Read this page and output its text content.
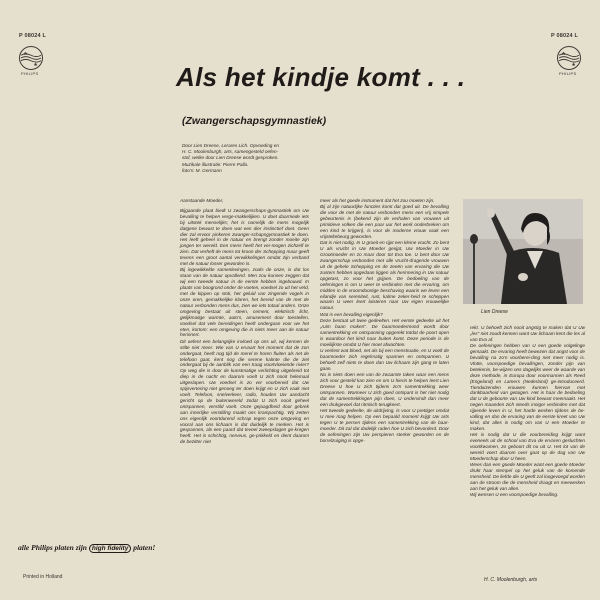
P 08024 L	P 08024 L
PHILIPS	PHILIPS
Als het kindje komt . . .
(Zwangerschapsgymnastiek)
Door Lien Dreese, Lerares Lich. Opvoeding en
H. C. Moolenburgh, arts, samengesteld oefen-
stof, welke door Lien Dreese wordt gesproken.
Muzikale illustratie: Pierre Palla.
foto's: M. Germann

Aanstaande Moeder,

Bijgaande plaat biedt U zwangerschaps-gymnastiek om Uw bevalling te helpen verge-makkelijken. U doet daarmede iets bij uitstek menselijks; het is namelijk de mens mogelijk datgene bewust te doen wat een dier instinctief doet. Geen dier zal ervoor pinkeren zwanger-schapsgymnastiek te doen. Het leeft geheel in de natuur en brengt zonder moeite zijn jongen ter wereld. Een mens heeft het ver-mogen zichzelf te zien. Dat verheft de mens tot kroon der Schepping maar geeft tevens een groot aantal verwikkelingen omdat zijn verband met de natuur losser geworden is.

Bij ingewikkelde samenlevingen, zoals de onze, is dat los staan van de natuur opvallend. Men zou kunnen zeggen dat wij een tweede natuur in de eerste hebben ingebouwd. In plaats van boogrond onder de voeten, voedsel zo uit het veld, met de kippen op stok, het geluid van zingende vogels in onze oren, gemakkelijke klaren, het bereid van de met de natuur verbonden mens dus, zien we iets totaal anders. Onze omgeving bestaat uit steen, cement, elektrisch licht, gelijkmatige warmte, auto's, amusement door toestellen, voedsel dat vele bereidingen heeft ondergaan voor we het eten, kortom: een omgeving die in niets meer aan de natuur herinnert.

Dit oefent een belangrijke invloed op ons uit, wij kennen de stilte niet meer. Wie van U ervaart het moment dat de zon ondergaat, heeft nog tijd de merel te horen fluiten als net de telefoon gaat, kent nog die serene kalmte die de ziel ondergaat bij de aanblik van een traag voortvloeiende rivier? Op weg die is door de kunstmatige verlichting uitgebreid tot diep in de nacht en daarom voelt U zich nooit helemaal uitgeslapen. Uw voedsel is zo ver voorbereid dat Uw spijsvertering niet genoeg ter doen krijgt en U zich vaak niet voelt. Telefoon, snelverkeer, radio, houden Uw aandacht gericht op de buitenwereld zodat U zich nooit geheel ontspannen, verstild voelt. Onze gejaagdheid door gebrek aan innerlijke verstilling maakt ons krampachtig. Wij zetten ons eigenlijk voortdurend schrap tegen onze omgeving en vooral aan ons lichaam is dat duidelijk te merken. Het is gespannen, als een paard dat teveel zweepslagen ge-kregen heeft. Het is schichtig, nerveus, ge-prikkeld en dient daarom de bezitter niet

meer als het goede instrument dat het zou moeten zijn.

Bij al zijn natuurlijke functies komt dat goed uit. De bevalling die voor de met de natuur verbonden mens een vrij simpele gebeurtenis is (bekend zijn de verhalen van vrouwen uit primitieve volken die een paar uur het werk onderbreken om een kind te krijgen), is voor de moderne vrouw vaak een vrijsteltebeurg geworden.

Dat is niet nodig. In U groeit en rijpt een kleine vrucht. Zo bent U als vrucht in Uw Moeder gerijpt, Uw Moeder in Uw Grootmoeder en zo maar door tot Eva toe. U bent door Uw zwangerschap verbonden met alle vrucht-dragende vrouwen uit de gehele Schepping en de zeeën van ervaring die Uw zusters hebben opgedaan liggen als herinnering in Uw natuur opgetast, zo voor het grijpen. De bedoeling van de oefeningen is om U weer te verbinden met die ervaring, om midden in de vroomdoortige beschaving waarin we leven een eilandje van sereniteit, rust, kalme zeker-heid te scheppen waarin U weer leert luisteren naar Uw eigen vrouwelijke natuur.

Wat is een bevalling eigenlijk?

Deze bestaat uit twee gedeelten. Het eerste gedeelte uit het „ruim baan maken". De baarmoedermond wordt door samentrekking en ontspanning opgerekt totdat de poort open is waardoor het kind naar buiten komt. Deze periode is de moeilijkste omdat U hier moet afwachten.

U verliest wat bloed, net als bij een menstruatie, en U voelt de baarmoeder zich regelmatig spannen en ontspannen. U behoeft zelf niets te doen dan Uw lichaam zijn gang te laten gaan.

Nu is niets doen een van de zwaarste taken waar een mens zich voor gesteld kan zien en om U hierin te helpen leert Lien Dreese U hoe U zich tijdens zo'n samentrekking weer ontspannen. Wanneer U zich goed ontspant is het niet nodig dat de samentrekkingen pijn doen, U ondervindt dan meer een drukgevoel dat ritmisch terugkeert.

Het tweede gedeelte, de uitdrijving, is voor U prettiger omdat U mee mag helpen. Op een bepaald moment krijgt Uw arts tegen U te persen tijdens een samentrekking van de baar-moeder. Dit zal dat dadelijk raden hoe U zich bevorderd. Door de oefeningen zijn Uw perspieren sterker geworden en de borrelzuiging is opge-

Lien Dreese

rekt. U behoeft zich nooit angstig te maken dat U Uw „les" niet zoudt kennen want Uw lichaam kent die les al van Eva af.

De oefeningen hebben van U een goede volgelinge gemaakt. De ervaring heeft bewezen dat angst voor de bevalling na zo'n voorberei-ding niet meer nodig is. Vlotte, voorspoedige bevallingen, zonder pijn van betekenis, be-wijzen ons dagelijks weer de waarde van deze methode, in Europa door voormannen als Reed (Engeland) en Lamers (Nederland) ge-introduceerd. Tienduizenden vrouwen kunnen hiervan met dankbaarheid van getuigen. Het is haar de bedoeling dat U de geboorte van Uw kind bewust meemaakt. Het negen maanden zich steeds inniger verbinden met dat rijpende leven in U, het harde werken tijdens de be-valling en dan de ervaring van de eerste kreet van Uw kind, dat alles is nodig om van U een Moeder te maken.

Het is nodig dat U die voorbereiding krijgt want eveneels uit de school van Eva de ervaren gesluchten voortkwamen, zo geboort dit nu uit U. Het lot van de wereld voert daarom over gaat op de dag van Uw Moederschap door U heen.

Wees dan een goede Moeder want een goede Moeder drukt haar stempel op het geluk van de komende mensheid. De liefde die U geeft zal loogevoegd worden aan de stroom die de mensheid draagt en meewerken aan het geluk van allen.

Wij wensen U een voorspoedige bevalling.

H. C. Moolenburgh, arts
alle Philips platen zijn high fidelity platen!
Printed in Holland
